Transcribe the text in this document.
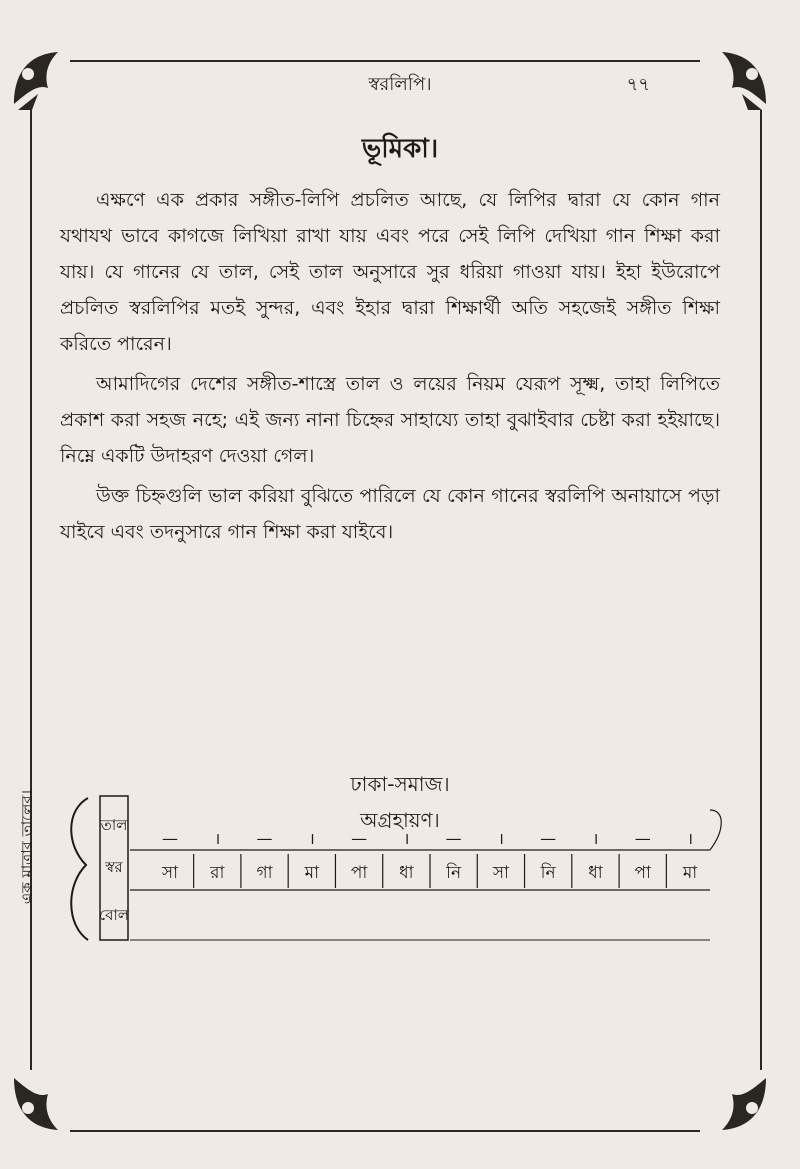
স্বরলিপি।	৭৭
ভূমিকা।

এক্ষণে এক প্রকার সঙ্গীত-লিপি প্রচলিত আছে, যে লিপির দ্বারা যে কোন গান যথাযথ ভাবে কাগজে লিখিয়া রাখা যায় এবং পরে সেই লিপি দেখিয়া গান শিক্ষা করা যায়। যে গানের যে তাল, সেই তাল অনুসারে সুর ধরিয়া গাওয়া যায়। ইহা ইউরোপে প্রচলিত স্বরলিপির মতই সুন্দর, এবং ইহার দ্বারা শিক্ষার্থী অতি সহজেই সঙ্গীত শিক্ষা করিতে পারেন।

আমাদিগের দেশের সঙ্গীত-শাস্ত্রে তাল ও লয়ের নিয়ম যেরূপ সূক্ষ্ম, তাহা লিপিতে প্রকাশ করা সহজ নহে; এই জন্য নানা চিহ্নের সাহায্যে তাহা বুঝাইবার চেষ্টা করা হইয়াছে। নিম্নে একটি উদাহরণ দেওয়া গেল।

উক্ত চিহ্নগুলি ভাল করিয়া বুঝিতে পারিলে যে কোন গানের স্বরলিপি অনায়াসে পড়া যাইবে এবং তদনুসারে গান শিক্ষা করা যাইবে।

ঢাকা-সমাজ।
অগ্রহায়ণ।
এক মাত্রার তালের।	তাল
স্বর
বোল
— । — । — । — । — । — ।
সা রা গা মা পা ধা নি সা নি ধা পা মা
